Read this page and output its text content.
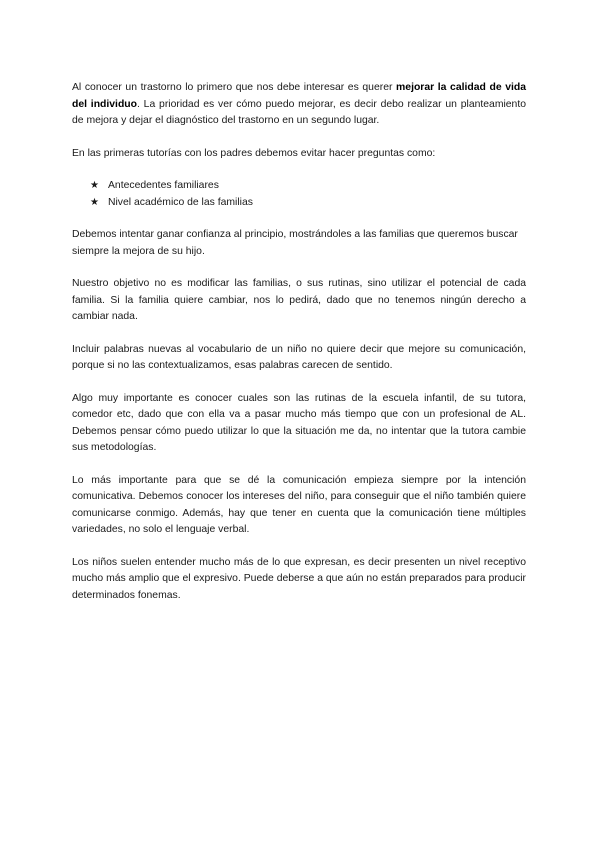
Al conocer un trastorno lo primero que nos debe interesar es querer mejorar la calidad de vida del individuo. La prioridad es ver cómo puedo mejorar, es decir debo realizar un planteamiento de mejora y dejar el diagnóstico del trastorno en un segundo lugar.

En las primeras tutorías con los padres debemos evitar hacer preguntas como:

★ Antecedentes familiares
★ Nivel académico de las familias

Debemos intentar ganar confianza al principio, mostrándoles a las familias que queremos buscar siempre la mejora de su hijo.

Nuestro objetivo no es modificar las familias, o sus rutinas, sino utilizar el potencial de cada familia. Si la familia quiere cambiar, nos lo pedirá, dado que no tenemos ningún derecho a cambiar nada.

Incluir palabras nuevas al vocabulario de un niño no quiere decir que mejore su comunicación, porque si no las contextualizamos, esas palabras carecen de sentido.

Algo muy importante es conocer cuales son las rutinas de la escuela infantil, de su tutora, comedor etc, dado que con ella va a pasar mucho más tiempo que con un profesional de AL. Debemos pensar cómo puedo utilizar lo que la situación me da, no intentar que la tutora cambie sus metodologías.

Lo más importante para que se dé la comunicación empieza siempre por la intención comunicativa. Debemos conocer los intereses del niño, para conseguir que el niño también quiere comunicarse conmigo. Además, hay que tener en cuenta que la comunicación tiene múltiples variedades, no solo el lenguaje verbal.

Los niños suelen entender mucho más de lo que expresan, es decir presenten un nivel receptivo mucho más amplio que el expresivo. Puede deberse a que aún no están preparados para producir determinados fonemas.
